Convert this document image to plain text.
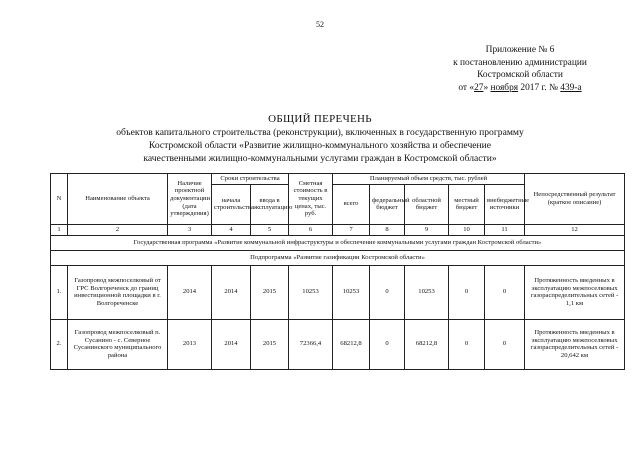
52
Приложение № 6
к постановлению администрации
Костромской области
от «27» ноября 2017 г. № 439-а
ОБЩИЙ ПЕРЕЧЕНЬ
объектов капитального строительства (реконструкции), включенных в государственную программу
Костромской области «Развитие жилищно-коммунального хозяйства и обеспечение
качественными жилищно-коммунальными услугами граждан в Костромской области»
N	Наименование объекта	Наличие проектной документации (дата утверждения)	Сроки строительства		Сметная стоимость в текущих ценах, тыс. руб.	Планируемый объем средств, тыс. рублей					Непосредственный результат (краткое описание)
			начала строительства	ввода в эксплуатацию		всего	федеральный бюджет	областной бюджет	местный бюджет	внебюджетные источники	
1	2	3	4	5	6	7	8	9	10	11	12
Государственная программа «Развитие коммунальной инфраструктуры и обеспечение коммунальными услугами граждан Костромской области»											
Подпрограмма «Развитие газификации Костромской области»											
1.	Газопровод межпоселковый от ГРС Волгореченск до границ инвестиционной площадки в г. Волгореченске	2014	2014	2015	10253	10253	0	10253	0	0	Протяженность введенных в эксплуатацию межпоселковых газораспределительных сетей - 1,1 км
2.	Газопровод межпоселковый п. Сусанино - с. Северное Сусанинского муниципального района	2013	2014	2015	72366,4	68212,8	0	68212,8	0	0	Протяженность введенных в эксплуатацию межпоселковых газораспределительных сетей - 20,642 км
